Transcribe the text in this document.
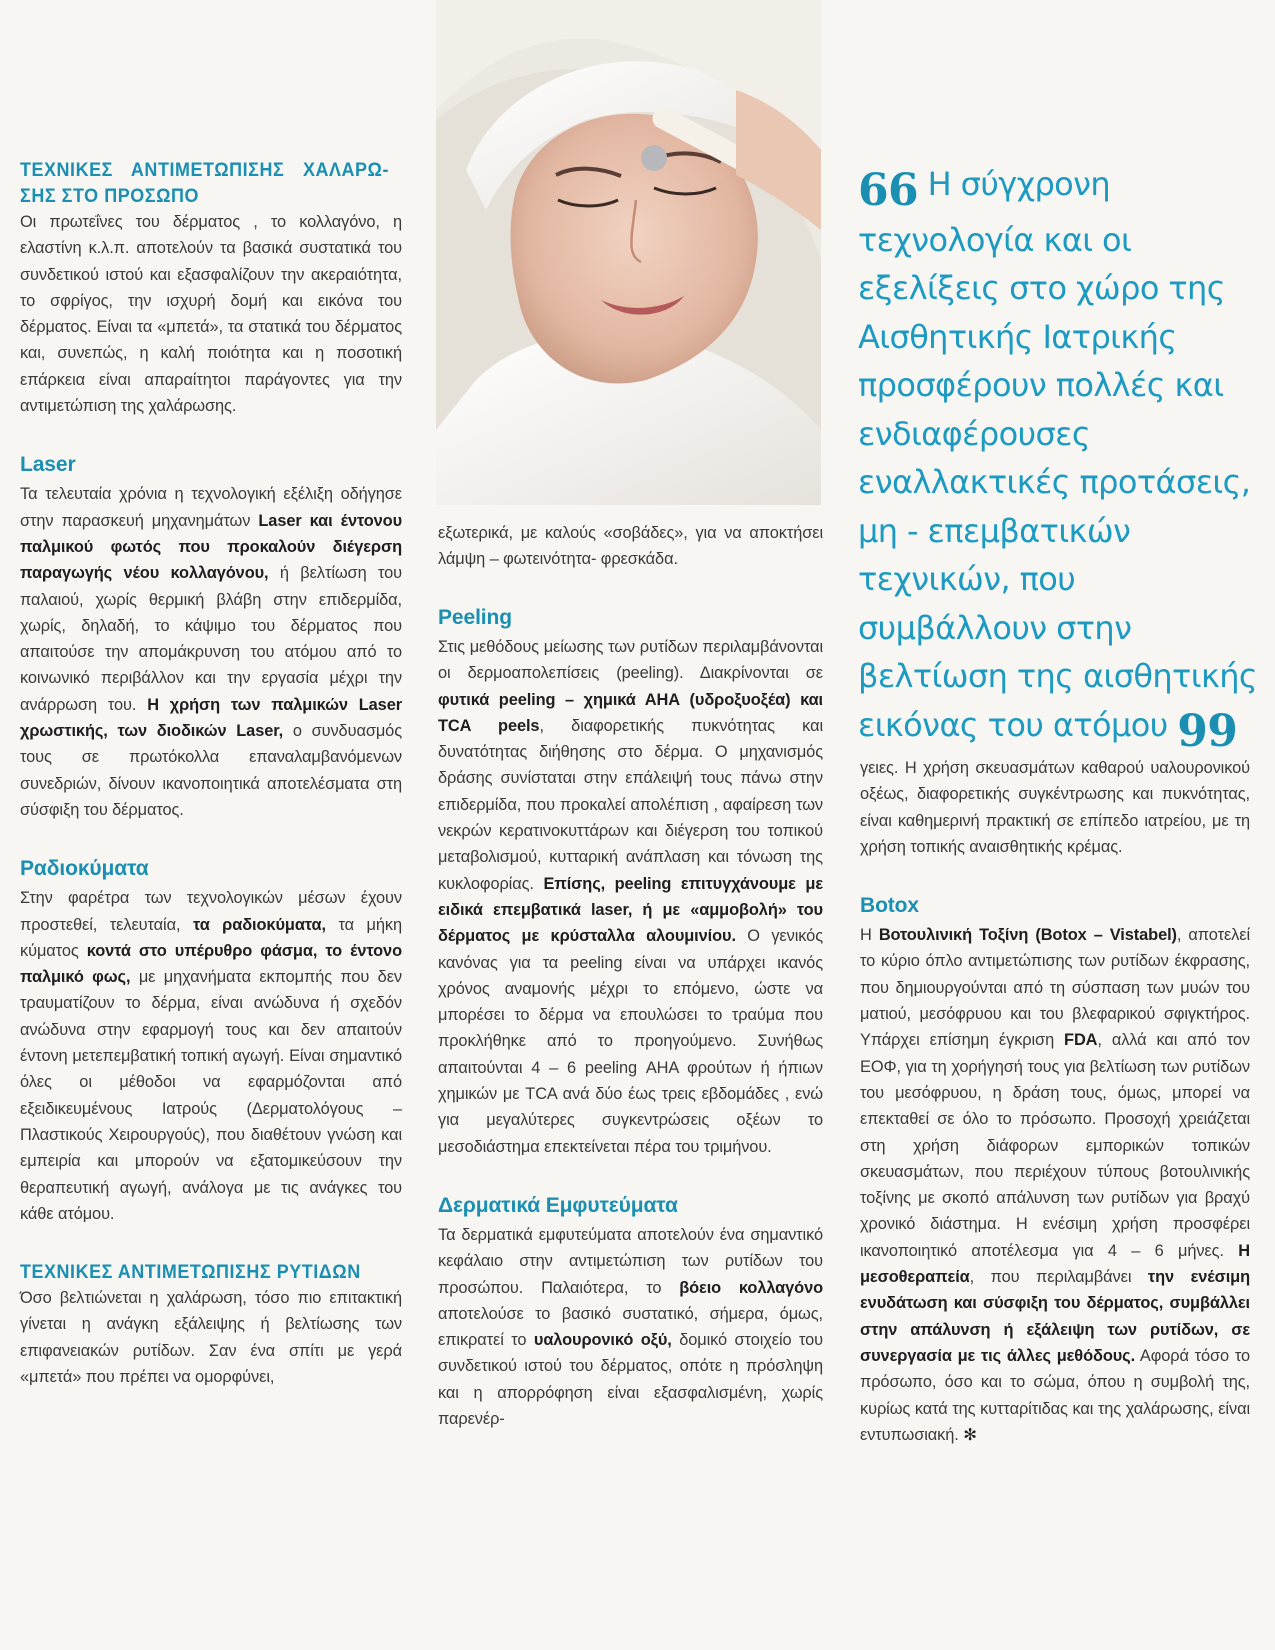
ΤΕΧΝΙΚΕΣ ΑΝΤΙΜΕΤΩΠΙΣΗΣ ΧΑΛΑΡΩ-ΣΗΣ ΣΤΟ ΠΡΟΣΩΠΟ

Οι πρωτεΐνες του δέρματος , το κολλαγόνο, η ελαστίνη κ.λ.π. αποτελούν τα βασικά συστατικά του συνδετικού ιστού και εξασφαλίζουν την ακεραιότητα, το σφρίγος, την ισχυρή δομή και εικόνα του δέρματος. Είναι τα «μπετά», τα στατικά του δέρματος και, συνεπώς, η καλή ποιότητα και η ποσοτική επάρκεια είναι απαραίτητοι παράγοντες για την αντιμετώπιση της χαλάρωσης.

Laser

Τα τελευταία χρόνια η τεχνολογική εξέλιξη οδήγησε στην παρασκευή μηχανημάτων Laser και έντονου παλμικού φωτός που προκαλούν διέγερση παραγωγής νέου κολλαγόνου, ή βελτίωση του παλαιού, χωρίς θερμική βλάβη στην επιδερμίδα, χωρίς, δηλαδή, το κάψιμο του δέρματος που απαιτούσε την απομάκρυνση του ατόμου από το κοινωνικό περιβάλλον και την εργασία μέχρι την ανάρρωση του. Η χρήση των παλμικών Laser χρωστικής, των διοδικών Laser, ο συνδυασμός τους σε πρωτόκολλα επαναλαμβανόμενων συνεδριών, δίνουν ικανοποιητικά αποτελέσματα στη σύσφιξη του δέρματος.

Ραδιοκύματα

Στην φαρέτρα των τεχνολογικών μέσων έχουν προστεθεί, τελευταία, τα ραδιοκύματα, τα μήκη κύματος κοντά στο υπέρυθρο φάσμα, το έντονο παλμικό φως, με μηχανήματα εκπομπής που δεν τραυματίζουν το δέρμα, είναι ανώδυνα ή σχεδόν ανώδυνα στην εφαρμογή τους και δεν απαιτούν έντονη μετεπεμβατική τοπική αγωγή. Είναι σημαντικό όλες οι μέθοδοι να εφαρμόζονται από εξειδικευμένους Ιατρούς (Δερματολόγους – Πλαστικούς Χειρουργούς), που διαθέτουν γνώση και εμπειρία και μπορούν να εξατομικεύσουν την θεραπευτική αγωγή, ανάλογα με τις ανάγκες του κάθε ατόμου.

ΤΕΧΝΙΚΕΣ ΑΝΤΙΜΕΤΩΠΙΣΗΣ ΡΥΤΙΔΩΝ

Όσο βελτιώνεται η χαλάρωση, τόσο πιο επιτακτική γίνεται η ανάγκη εξάλειψης ή βελτίωσης των επιφανειακών ρυτίδων. Σαν ένα σπίτι με γερά «μπετά» που πρέπει να ομορφύνει,

εξωτερικά, με καλούς «σοβάδες», για να αποκτήσει λάμψη – φωτεινότητα- φρεσκάδα.

Peeling

Στις μεθόδους μείωσης των ρυτίδων περιλαμβάνονται οι δερμοαπολεπίσεις (peeling). Διακρίνονται σε φυτικά peeling – χημικά ΑΗΑ (υδροξυοξέα) και TCA peels, διαφορετικής πυκνότητας και δυνατότητας διήθησης στο δέρμα. Ο μηχανισμός δράσης συνίσταται στην επάλειψή τους πάνω στην επιδερμίδα, που προκαλεί απολέπιση , αφαίρεση των νεκρών κερατινοκυττάρων και διέγερση του τοπικού μεταβολισμού, κυτταρική ανάπλαση και τόνωση της κυκλοφορίας. Επίσης, peeling επιτυγχάνουμε με ειδικά επεμβατικά laser, ή με «αμμοβολή» του δέρματος με κρύσταλλα αλουμινίου. Ο γενικός κανόνας για τα peeling είναι να υπάρχει ικανός χρόνος αναμονής μέχρι το επόμενο, ώστε να μπορέσει το δέρμα να επουλώσει το τραύμα που προκλήθηκε από το προηγούμενο. Συνήθως απαιτούνται 4 – 6 peeling ΑΗΑ φρούτων ή ήπιων χημικών με TCA ανά δύο έως τρεις εβδομάδες , ενώ για μεγαλύτερες συγκεντρώσεις οξέων το μεσοδιάστημα επεκτείνεται πέρα του τριμήνου.

Δερματικά Εμφυτεύματα

Τα δερματικά εμφυτεύματα αποτελούν ένα σημαντικό κεφάλαιο στην αντιμετώπιση των ρυτίδων του προσώπου. Παλαιότερα, το βόειο κολλαγόνο αποτελούσε το βασικό συστατικό, σήμερα, όμως, επικρατεί το υαλουρονικό οξύ, δομικό στοιχείο του συνδετικού ιστού του δέρματος, οπότε η πρόσληψη και η απορρόφηση είναι εξασφαλισμένη, χωρίς παρενέρ-

66 Η σύγχρονη τεχνολογία και οι εξελίξεις στο χώρο της Αισθητικής Ιατρικής προσφέρουν πολλές και ενδιαφέρουσες εναλλακτικές προτάσεις, μη - επεμβατικών τεχνικών, που συμβάλλουν στην βελτίωση της αισθητικής εικόνας του ατόμου 99

γειες. Η χρήση σκευασμάτων καθαρού υαλουρονικού οξέως, διαφορετικής συγκέντρωσης και πυκνότητας, είναι καθημερινή πρακτική σε επίπεδο ιατρείου, με τη χρήση τοπικής αναισθητικής κρέμας.

Botox

Η Βοτουλινική Τοξίνη (Botox – Vistabel), αποτελεί το κύριο όπλο αντιμετώπισης των ρυτίδων έκφρασης, που δημιουργούνται από τη σύσπαση των μυών του ματιού, μεσόφρυου και του βλεφαρικού σφιγκτήρος. Υπάρχει επίσημη έγκριση FDA, αλλά και από τον ΕΟΦ, για τη χορήγησή τους για βελτίωση των ρυτίδων του μεσόφρυου, η δράση τους, όμως, μπορεί να επεκταθεί σε όλο το πρόσωπο. Προσοχή χρειάζεται στη χρήση διάφορων εμπορικών τοπικών σκευασμάτων, που περιέχουν τύπους βοτουλινικής τοξίνης με σκοπό απάλυνση των ρυτίδων για βραχύ χρονικό διάστημα. Η ενέσιμη χρήση προσφέρει ικανοποιητικό αποτέλεσμα για 4 – 6 μήνες. Η μεσοθεραπεία, που περιλαμβάνει την ενέσιμη ενυδάτωση και σύσφιξη του δέρματος, συμβάλλει στην απάλυνση ή εξάλειψη των ρυτίδων, σε συνεργασία με τις άλλες μεθόδους. Αφορά τόσο το πρόσωπο, όσο και το σώμα, όπου η συμβολή της, κυρίως κατά της κυτταρίτιδας και της χαλάρωσης, είναι εντυπωσιακή. ✻
